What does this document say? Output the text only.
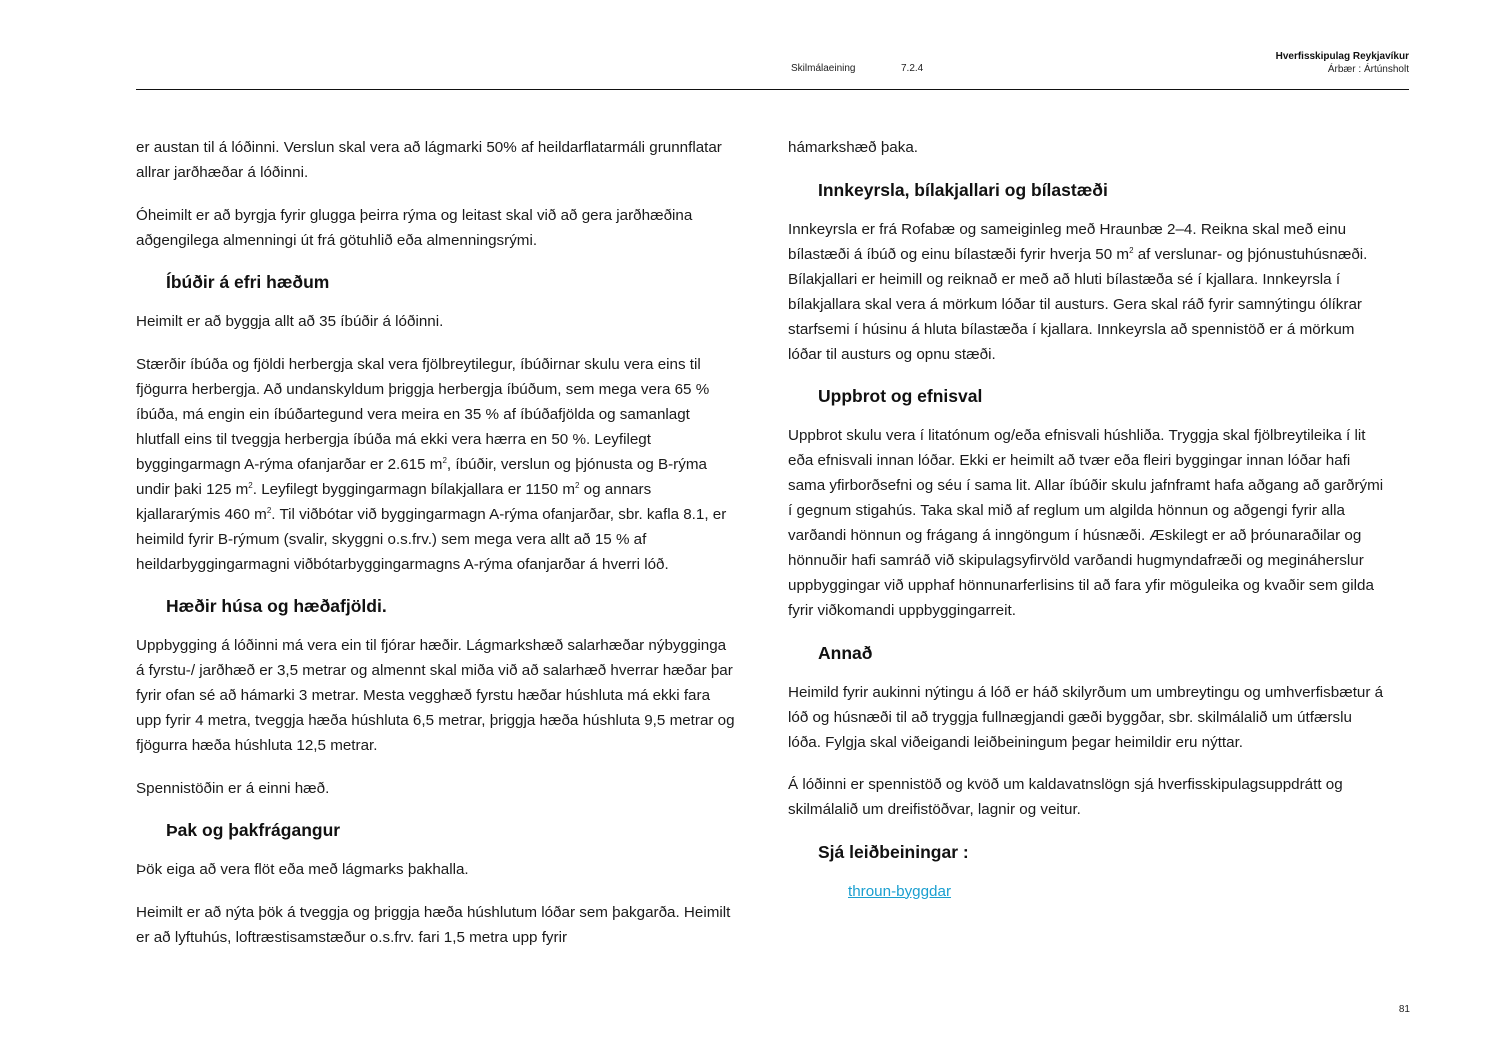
Skilmálaeining	7.2.4
Hverfisskipulag Reykjavíkur
Árbær : Ártúnsholt

er austan til á lóðinni. Verslun skal vera að lágmarki 50% af heildarflatarmáli grunnflatar allrar jarðhæðar á lóðinni.

Óheimilt er að byrgja fyrir glugga þeirra rýma og leitast skal við að gera jarðhæðina aðgengilega almenningi út frá götuhlið eða almenningsrými.

Íbúðir á efri hæðum

Heimilt er að byggja allt að 35 íbúðir á lóðinni.

Stærðir íbúða og fjöldi herbergja skal vera fjölbreytilegur, íbúðirnar skulu vera eins til fjögurra herbergja. Að undanskyldum þriggja herbergja íbúðum, sem mega vera 65 % íbúða, má engin ein íbúðartegund vera meira en 35 % af íbúðafjölda og samanlagt hlutfall eins til tveggja herbergja íbúða má ekki vera hærra en 50 %. Leyfilegt byggingarmagn A-rýma ofanjarðar er 2.615 $m^2$, íbúðir, verslun og þjónusta og B-rýma undir þaki 125 $m^2$. Leyfilegt byggingarmagn bílakjallara er 1150 $m^2$ og annars kjallararýmis 460 $m^2$. Til viðbótar við byggingarmagn A-rýma ofanjarðar, sbr. kafla 8.1, er heimild fyrir B-rýmum (svalir, skyggni o.s.frv.) sem mega vera allt að 15 % af heildarbyggingarmagni viðbótarbyggingarmagns A-rýma ofanjarðar á hverri lóð.

Hæðir húsa og hæðafjöldi.

Uppbygging á lóðinni má vera ein til fjórar hæðir. Lágmarkshæð salarhæðar nýbygginga á fyrstu-/ jarðhæð er 3,5 metrar og almennt skal miða við að salarhæð hverrar hæðar þar fyrir ofan sé að hámarki 3 metrar. Mesta vegghæð fyrstu hæðar húshluta má ekki fara upp fyrir 4 metra, tveggja hæða húshluta 6,5 metrar, þriggja hæða húshluta 9,5 metrar og fjögurra hæða húshluta 12,5 metrar.

Spennistöðin er á einni hæð.

Þak og þakfrágangur

Þök eiga að vera flöt eða með lágmarks þakhalla.

Heimilt er að nýta þök á tveggja og þriggja hæða húshlutum lóðar sem þakgarða. Heimilt er að lyftuhús, loftræstisamstæður o.s.frv. fari 1,5 metra upp fyrir

hámarkshæð þaka.

Innkeyrsla, bílakjallari og bílastæði

Innkeyrsla er frá Rofabæ og sameiginleg með Hraunbæ 2–4. Reikna skal með einu bílastæði á íbúð og einu bílastæði fyrir hverja 50 $m^2$ af verslunar- og þjónustuhúsnæði. Bílakjallari er heimill og reiknað er með að hluti bílastæða sé í kjallara. Innkeyrsla í bílakjallara skal vera á mörkum lóðar til austurs. Gera skal ráð fyrir samnýtingu ólíkrar starfsemi í húsinu á hluta bílastæða í kjallara. Innkeyrsla að spennistöð er á mörkum lóðar til austurs og opnu stæði.

Uppbrot og efnisval

Uppbrot skulu vera í litatónum og/eða efnisvali húshliða. Tryggja skal fjölbreytileika í lit eða efnisvali innan lóðar. Ekki er heimilt að tvær eða fleiri byggingar innan lóðar hafi sama yfirborðsefni og séu í sama lit. Allar íbúðir skulu jafnframt hafa aðgang að garðrými í gegnum stigahús. Taka skal mið af reglum um algilda hönnun og aðgengi fyrir alla varðandi hönnun og frágang á inngöngum í húsnæði. Æskilegt er að þróunaraðilar og hönnuðir hafi samráð við skipulagsyfirvöld varðandi hugmyndafræði og megináherslur uppbyggingar við upphaf hönnunarferlisins til að fara yfir möguleika og kvaðir sem gilda fyrir viðkomandi uppbyggingarreit.

Annað

Heimild fyrir aukinni nýtingu á lóð er háð skilyrðum um umbreytingu og umhverfisbætur á lóð og húsnæði til að tryggja fullnægjandi gæði byggðar, sbr. skilmálalið um útfærslu lóða. Fylgja skal viðeigandi leiðbeiningum þegar heimildir eru nýttar.

Á lóðinni er spennistöð og kvöð um kaldavatnslögn sjá hverfisskipulagsuppdrátt og skilmálalið um dreifistöðvar, lagnir og veitur.

Sjá leiðbeiningar :
throun-byggdar
81
